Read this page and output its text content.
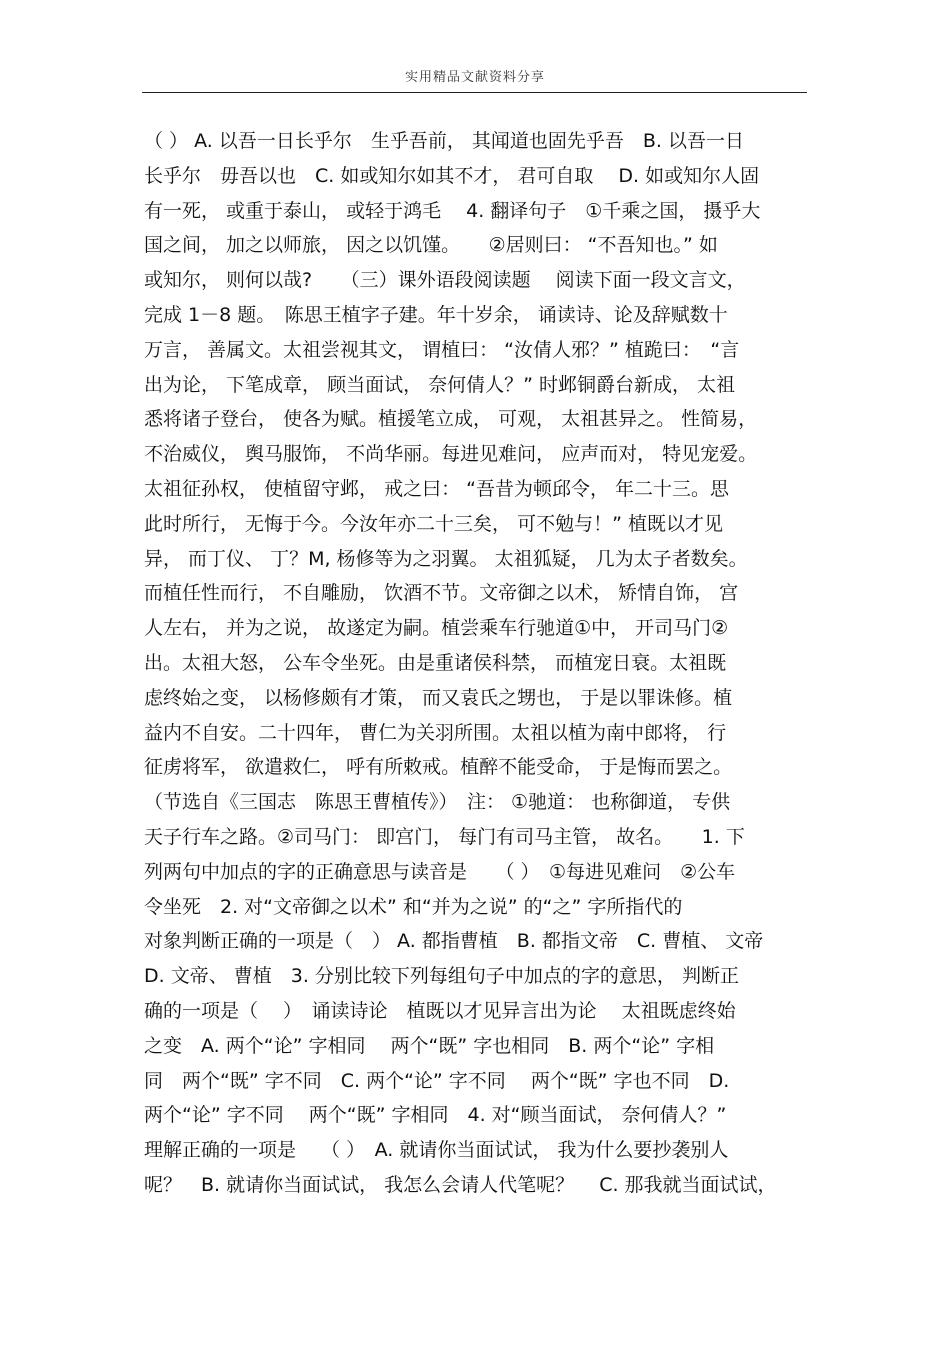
实用精品文献资料分享
（ ） A. 以吾一日长乎尔　生乎吾前， 其闻道也固先乎吾　B. 以吾一日
长乎尔　毋吾以也　C. 如或知尔如其不才， 君可自取　 D. 如或知尔人固
有一死， 或重于泰山， 或轻于鸿毛　 4. 翻译句子　①千乘之国， 摄乎大
国之间， 加之以师旅， 因之以饥馑。　　②居则曰： “不吾知也。” 如
或知尔， 则何以哉?　　（三）课外语段阅读题　 阅读下面一段文言文，
完成 1－8 题。　陈思王植字子建。年十岁余， 诵读诗、论及辞赋数十
万言， 善属文。太祖尝视其文， 谓植曰： “汝倩人邪？” 植跪曰：　“言
出为论， 下笔成章， 顾当面试， 奈何倩人？” 时邺铜爵台新成， 太祖
悉将诸子登台， 使各为赋。植援笔立成， 可观， 太祖甚异之。 性简易，
不治威仪， 舆马服饰， 不尚华丽。每进见难问， 应声而对， 特见宠爱。
太祖征孙权， 使植留守邺， 戒之曰： “吾昔为顿邱令， 年二十三。思
此时所行， 无悔于今。今汝年亦二十三矣， 可不勉与！” 植既以才见
异， 而丁仪、 丁？M, 杨修等为之羽翼。 太祖狐疑， 几为太子者数矣。
而植任性而行， 不自雕励， 饮酒不节。文帝御之以术， 矫情自饰， 宫
人左右， 并为之说， 故遂定为嗣。植尝乘车行驰道①中， 开司马门②
出。太祖大怒， 公车令坐死。由是重诸侯科禁， 而植宠日衰。太祖既
虑终始之变， 以杨修颇有才策， 而又袁氏之甥也， 于是以罪诛修。植
益内不自安。二十四年， 曹仁为关羽所围。太祖以植为南中郎将， 行
征虏将军， 欲遣救仁， 呼有所敕戒。植醉不能受命， 于是悔而罢之。
（节选自《三国志　陈思王曹植传》）　注： ①驰道： 也称御道， 专供
天子行车之路。②司马门： 即宫门， 每门有司马主管， 故名。　　1. 下
列两句中加点的字的正确意思与读音是　　（ ）　①每进见难问　②公车
令坐死　2. 对“文帝御之以术” 和“并为之说” 的“之” 字所指代的
对象判断正确的一项是（　） A. 都指曹植　B. 都指文帝　C. 曹植、 文帝
D. 文帝、 曹植　3. 分别比较下列每组句子中加点的字的意思， 判断正
确的一项是（　 ）　诵读诗论　植既以才见异言出为论　 太祖既虑终始
之变　A. 两个“论” 字相同　 两个“既” 字也相同　B. 两个“论” 字相
同　两个“既” 字不同　C. 两个“论” 字不同　 两个“既” 字也不同　D.
两个“论” 字不同　 两个“既” 字相同　4. 对“顾当面试， 奈何倩人？”
理解正确的一项是　 （ ）　A. 就请你当面试试， 我为什么要抄袭别人
呢？　B. 就请你当面试试， 我怎么会请人代笔呢？　 C. 那我就当面试试，
